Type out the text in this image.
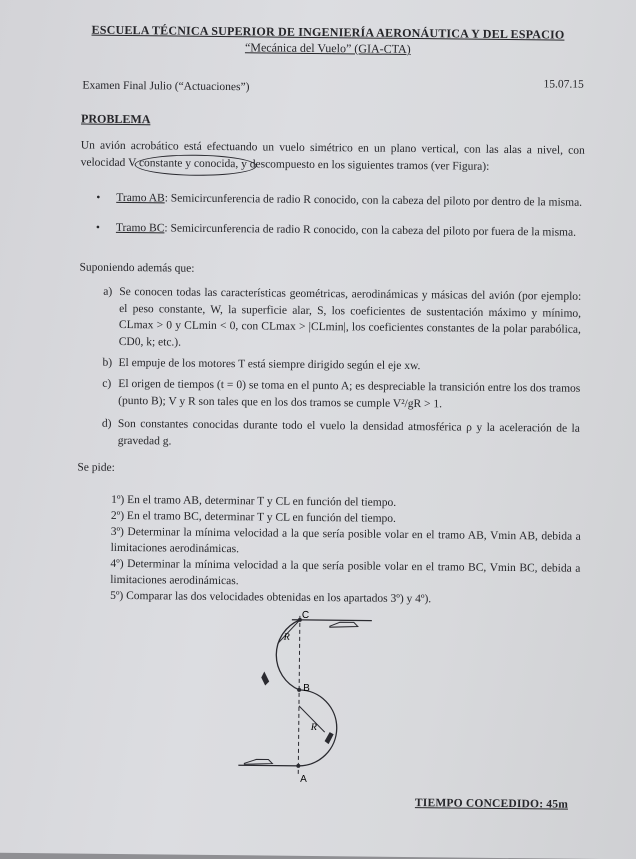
ESCUELA TÉCNICA SUPERIOR DE INGENIERÍA AERONÁUTICA Y DEL ESPACIO
“Mecánica del Vuelo” (GIA-CTA)
Examen Final Julio (“Actuaciones”)	15.07.15
PROBLEMA
Un avión acrobático está efectuando un vuelo simétrico en un plano vertical, con las alas a nivel, con velocidad V constante y conocida, y descompuesto en los siguientes tramos (ver Figura):
• Tramo AB: Semicircunferencia de radio R conocido, con la cabeza del piloto por dentro de la misma.
• Tramo BC: Semicircunferencia de radio R conocido, con la cabeza del piloto por fuera de la misma.
Suponiendo además que:
a) Se conocen todas las características geométricas, aerodinámicas y másicas del avión (por ejemplo: el peso constante, W, la superficie alar, S, los coeficientes de sustentación máximo y mínimo, CLmax > 0 y CLmin < 0, con CLmax > |CLmin|, los coeficientes constantes de la polar parabólica, CD0, k; etc.).
b) El empuje de los motores T está siempre dirigido según el eje xw.
c) El origen de tiempos (t = 0) se toma en el punto A; es despreciable la transición entre los dos tramos (punto B); V y R son tales que en los dos tramos se cumple V²/gR > 1.
d) Son constantes conocidas durante todo el vuelo la densidad atmosférica ρ y la aceleración de la gravedad g.
Se pide:
1º) En el tramo AB, determinar T y CL en función del tiempo.
2º) En el tramo BC, determinar T y CL en función del tiempo.
3º) Determinar la mínima velocidad a la que sería posible volar en el tramo AB, Vmin AB, debida a limitaciones aerodinámicas.
4º) Determinar la mínima velocidad a la que sería posible volar en el tramo BC, Vmin BC, debida a limitaciones aerodinámicas.
5º) Comparar las dos velocidades obtenidas en los apartados 3º) y 4º).
C
B
A
R
R
TIEMPO CONCEDIDO: 45m
